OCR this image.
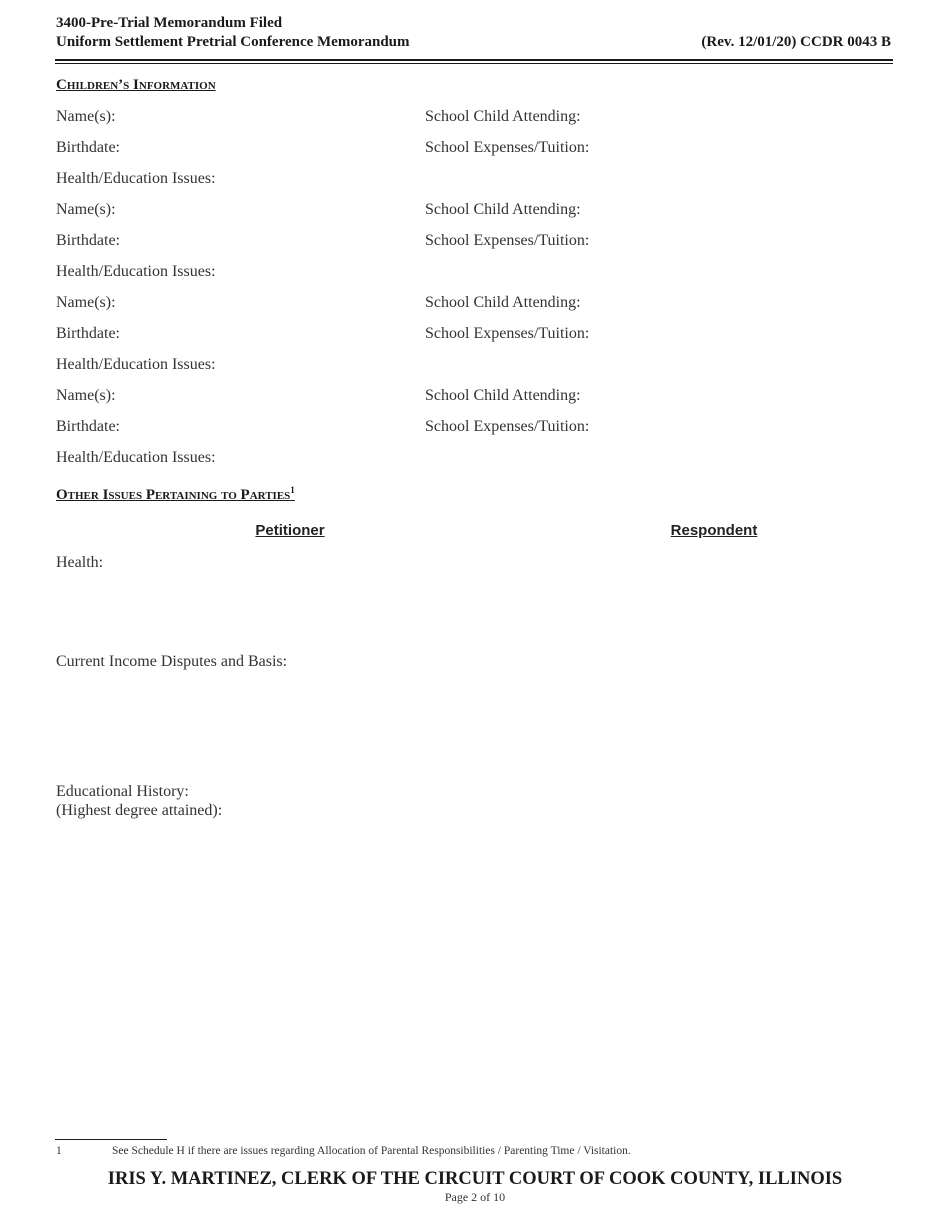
3400-Pre-Trial Memorandum Filed
Uniform Settlement Pretrial Conference Memorandum	(Rev. 12/01/20) CCDR 0043 B
Children’s Information
Name(s):	School Child Attending:
Birthdate:	School Expenses/Tuition:
Health/Education Issues:
Name(s):	School Child Attending:
Birthdate:	School Expenses/Tuition:
Health/Education Issues:
Name(s):	School Child Attending:
Birthdate:	School Expenses/Tuition:
Health/Education Issues:
Name(s):	School Child Attending:
Birthdate:	School Expenses/Tuition:
Health/Education Issues:
Other Issues Pertaining to Parties$^1$
Petitioner	Respondent
Health:
Current Income Disputes and Basis:
Educational History:
(Highest degree attained):
1	See Schedule H if there are issues regarding Allocation of Parental Responsibilities / Parenting Time / Visitation.
IRIS Y. MARTINEZ, CLERK OF THE CIRCUIT COURT OF COOK COUNTY, ILLINOIS
Page 2 of 10
